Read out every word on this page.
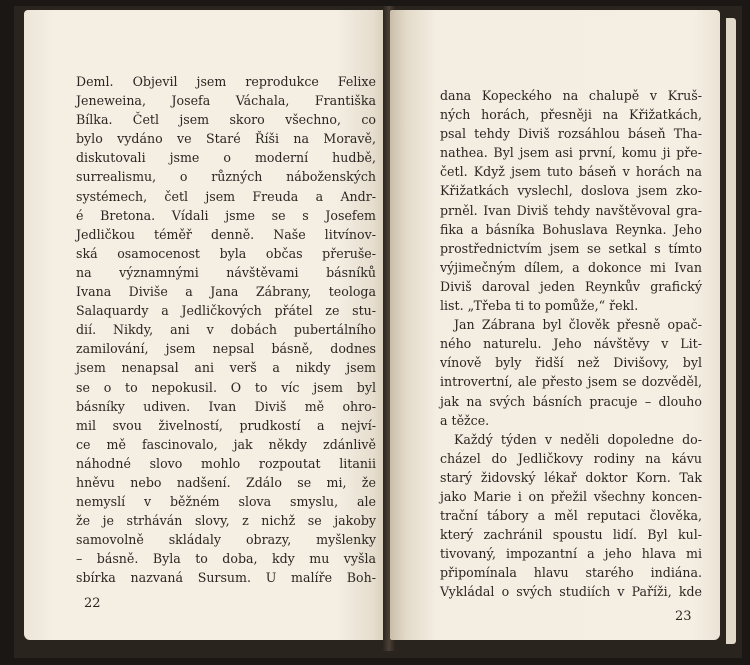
Deml. Objevil jsem reprodukce Felixe
Jeneweina, Josefa Váchala, Františka
Bílka. Četl jsem skoro všechno, co
bylo vydáno ve Staré Říši na Moravě,
diskutovali jsme o moderní hudbě,
surrealismu, o různých náboženských
systémech, četl jsem Freuda a Andr-
é Bretona. Vídali jsme se s Josefem
Jedličkou téměř denně. Naše litvínov-
ská osamocenost byla občas přeruše-
na významnými návštěvami básníků
Ivana Diviše a Jana Zábrany, teologa
Salaquardy a Jedličkových přátel ze stu-
dií. Nikdy, ani v dobách pubertálního
zamilování, jsem nepsal básně, dodnes
jsem nenapsal ani verš a nikdy jsem
se o to nepokusil. O to víc jsem byl
básníky udiven. Ivan Diviš mě ohro-
mil svou živelností, prudkostí a nejví-
ce mě fascinovalo, jak někdy zdánlivě
náhodné slovo mohlo rozpoutat litanii
hněvu nebo nadšení. Zdálo se mi, že
nemyslí v běžném slova smyslu, ale
že je strháván slovy, z nichž se jakoby
samovolně skládaly obrazy, myšlenky
– básně. Byla to doba, kdy mu vyšla
sbírka nazvaná Sursum. U malíře Boh-
22
dana Kopeckého na chalupě v Kruš-
ných horách, přesněji na Křižatkách,
psal tehdy Diviš rozsáhlou báseň Tha-
nathea. Byl jsem asi první, komu ji pře-
četl. Když jsem tuto báseň v horách na
Křižatkách vyslechl, doslova jsem zko-
prněl. Ivan Diviš tehdy navštěvoval gra-
fika a básníka Bohuslava Reynka. Jeho
prostřednictvím jsem se setkal s tímto
výjimečným dílem, a dokonce mi Ivan
Diviš daroval jeden Reynkův grafický
list. „Třeba ti to pomůže,“ řekl.
Jan Zábrana byl člověk přesně opač-
ného naturelu. Jeho návštěvy v Lit-
vínově byly řidší než Divišovy, byl
introvertní, ale přesto jsem se dozvěděl,
jak na svých básních pracuje – dlouho
a těžce.
Každý týden v neděli dopoledne do-
cházel do Jedličkovy rodiny na kávu
starý židovský lékař doktor Korn. Tak
jako Marie i on přežil všechny koncen-
trační tábory a měl reputaci člověka,
který zachránil spoustu lidí. Byl kul-
tivovaný, impozantní a jeho hlava mi
připomínala hlavu starého indiána.
Vykládal o svých studiích v Paříži, kde
23
